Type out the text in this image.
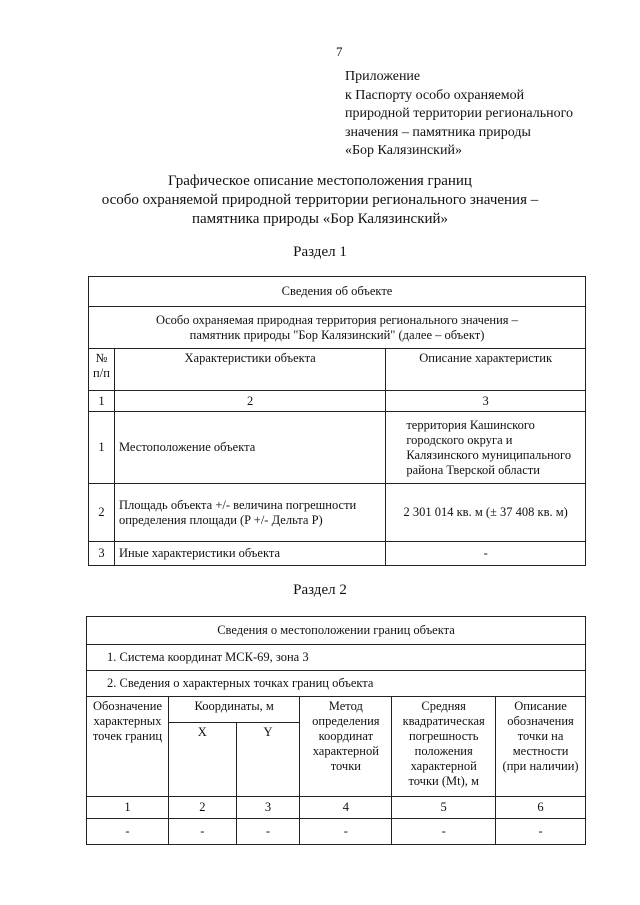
7
Приложение
к Паспорту особо охраняемой
природной территории регионального
значения – памятника природы
«Бор Калязинский»
Графическое описание местоположения границ
особо охраняемой природной территории регионального значения –
памятника природы «Бор Калязинский»
Раздел 1
Сведения об объекте		

Особо охраняемая природная территория регионального значения –
памятник природы "Бор Калязинский" (далее – объект)		

№ п/п	Характеристики объекта	Описание характеристик
1	2	3
1	Местоположение объекта	территория Кашинского городского округа и Калязинского муниципального района Тверской области
2	Площадь объекта +/- величина погрешности определения площади (P +/- Дельта P)	2 301 014 кв. м (± 37 408 кв. м)
3	Иные характеристики объекта	-
Раздел 2
Сведения о местоположении границ объекта					
1. Система координат МСК-69, зона 3					
2. Сведения о характерных точках границ объекта					
Обозначение характерных точек границ	Координаты, м		Метод определения координат характерной точки	Средняя квадратическая погрешность положения характерной точки (Mt), м	Описание обозначения точки на местности (при наличии)
	X	Y			
1	2	3	4	5	6
-	-	-	-	-	-
